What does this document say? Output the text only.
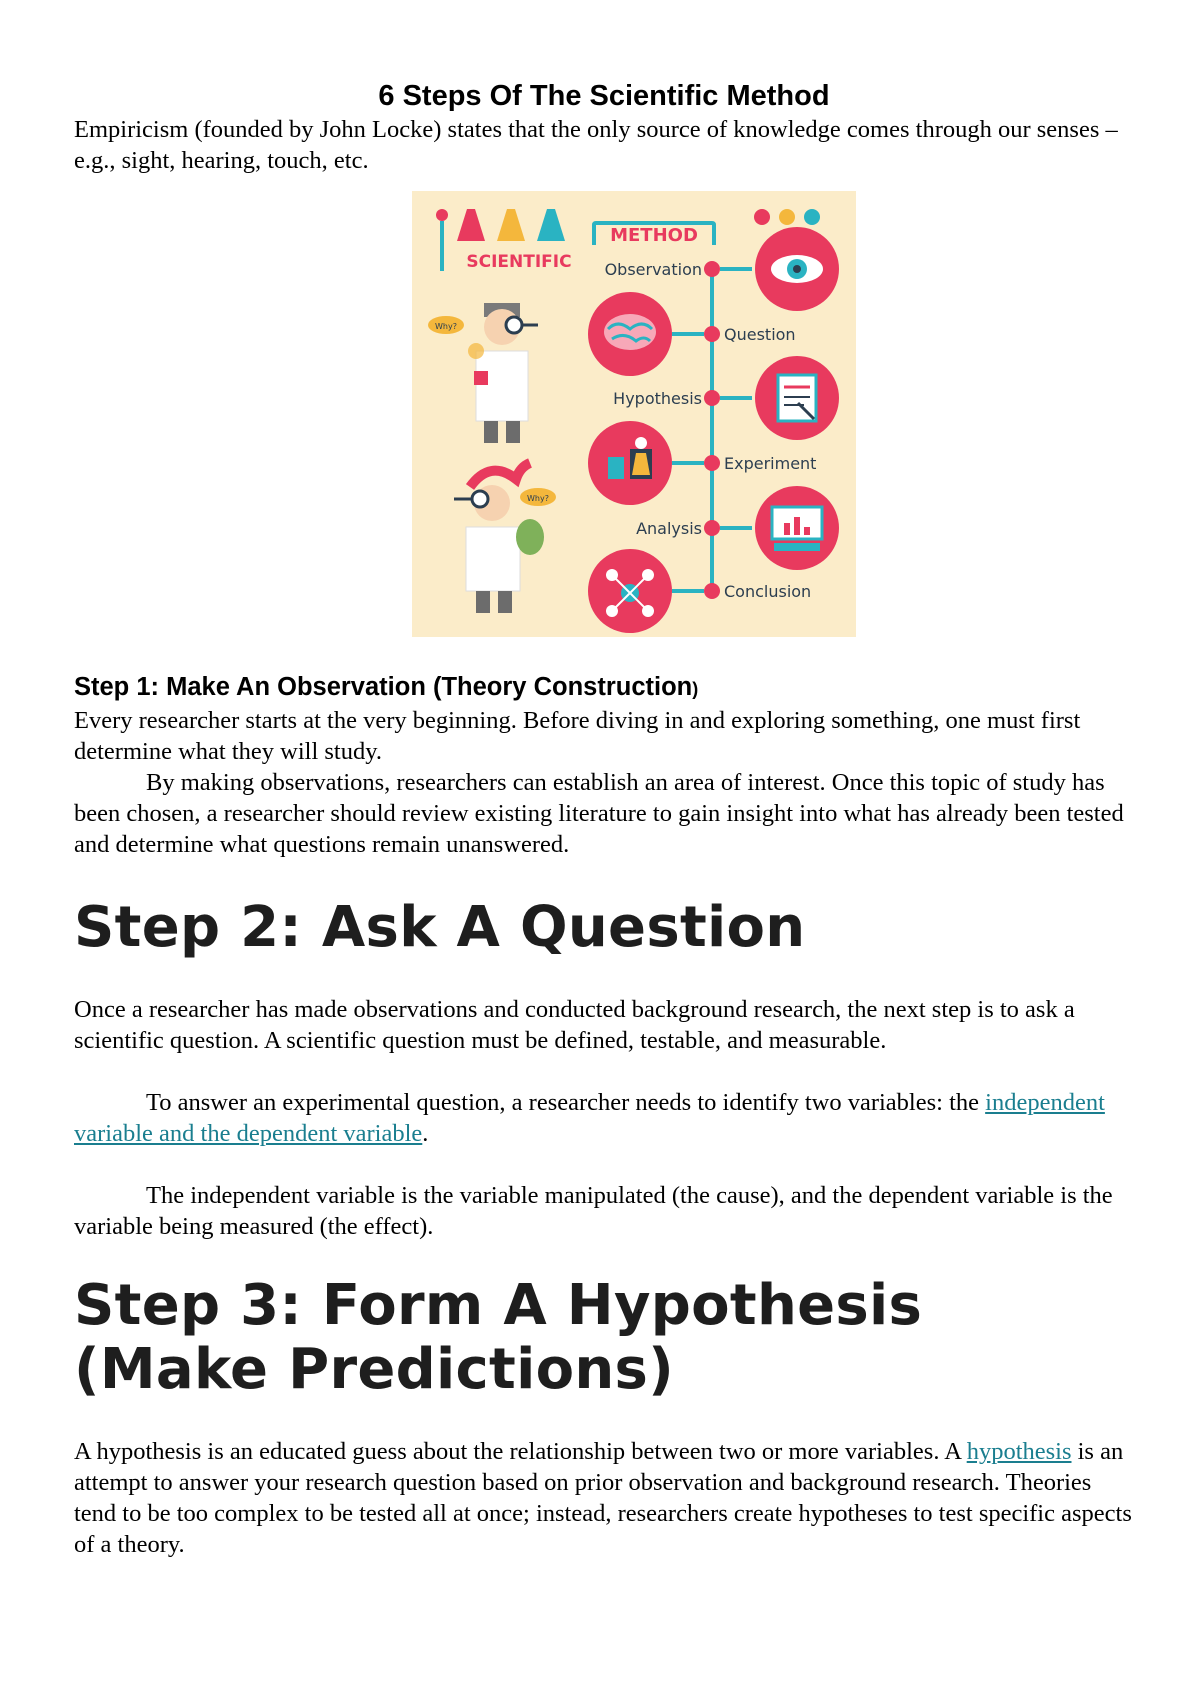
6 Steps Of The Scientific Method

Empiricism (founded by John Locke) states that the only source of knowledge comes through our senses – e.g., sight, hearing, touch, etc.

SCIENTIFIC
METHOD
Observation
Question
Hypothesis
Experiment
Analysis
Conclusion
Why?
Why?
Step 1: Make An Observation (Theory Construction)

Every researcher starts at the very beginning. Before diving in and exploring something, one must first determine what they will study.

By making observations, researchers can establish an area of interest. Once this topic of study has been chosen, a researcher should review existing literature to gain insight into what has already been tested and determine what questions remain unanswered.

Step 2: Ask A Question

Once a researcher has made observations and conducted background research, the next step is to ask a scientific question. A scientific question must be defined, testable, and measurable.

To answer an experimental question, a researcher needs to identify two variables: the independent variable and the dependent variable.

The independent variable is the variable manipulated (the cause), and the dependent variable is the variable being measured (the effect).

Step 3: Form A Hypothesis
(Make Predictions)

A hypothesis is an educated guess about the relationship between two or more variables. A hypothesis is an attempt to answer your research question based on prior observation and background research. Theories tend to be too complex to be tested all at once; instead, researchers create hypotheses to test specific aspects of a theory.
